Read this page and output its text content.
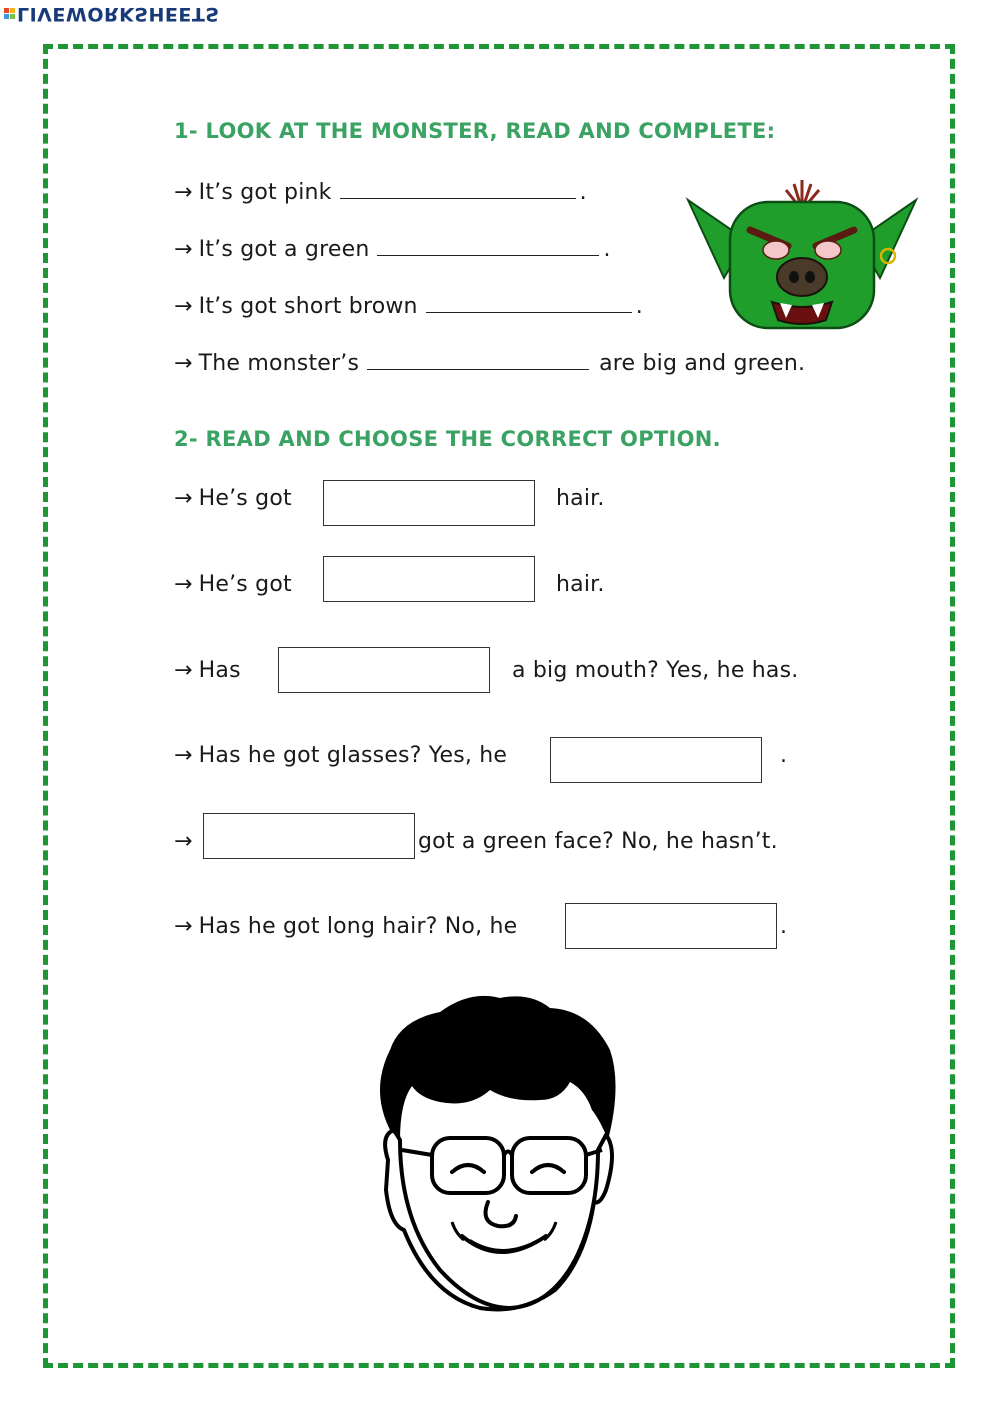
LIVEWORKSHEETS
1- LOOK AT THE MONSTER, READ AND COMPLETE:
→ It’s got pink	.
→ It’s got a green	.
→ It’s got short brown	.
→ The monster’s	are big and green.
2- READ AND CHOOSE THE CORRECT OPTION.
→ He’s got	hair.
→ He’s got	hair.
→ Has	a big mouth? Yes, he has.
→ Has he got glasses? Yes, he	.
→	got a green face? No, he hasn’t.
→ Has he got long hair? No, he	.
